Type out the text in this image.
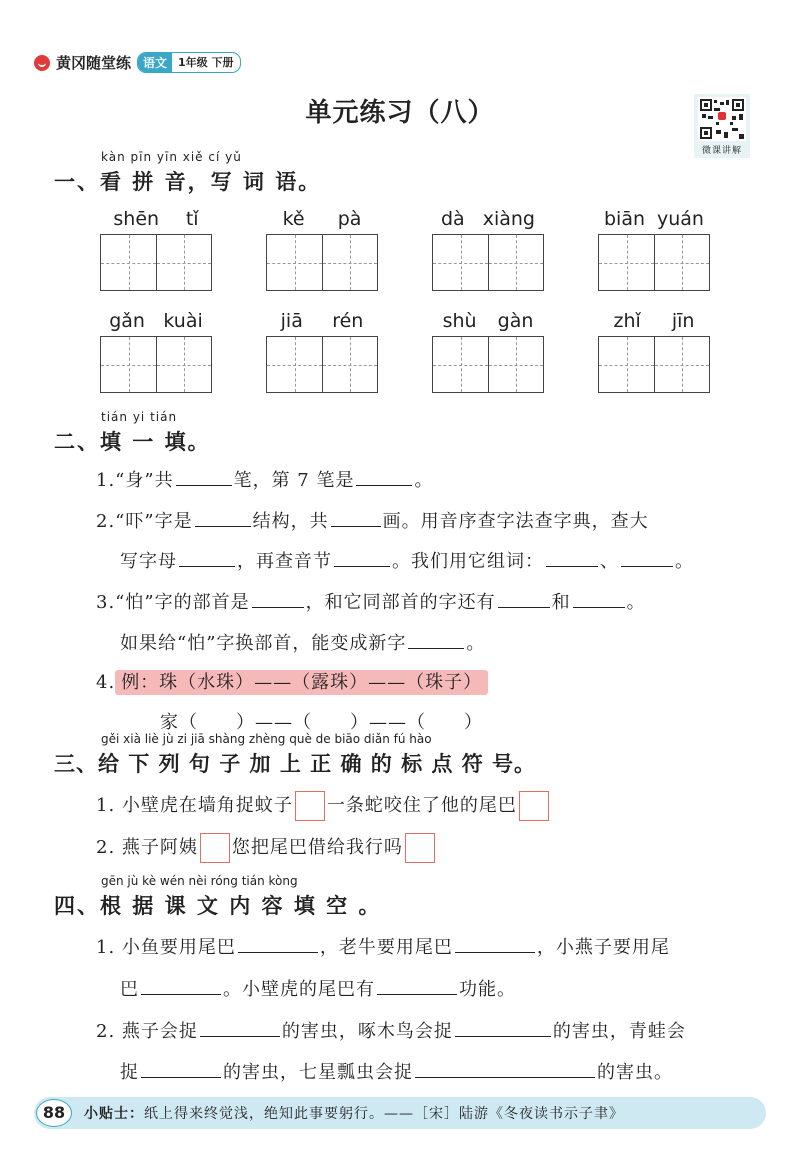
黄冈随堂练	语文	1年级 下册
单元练习（八）
微课讲解
kàn pīn yīn xiě cí yǔ
一、看 拼 音，写 词 语。
shēn tǐ	kě pà	dà xiàng	biān yuán
gǎn kuài	jiā rén	shù gàn	zhǐ jīn
tián yi tián
二、填 一 填。
1.“身”共	笔，第 7 笔是	。
2.“吓”字是	结构，共	画。用音序查字法查字典，查大
写字母	，再查音节	。我们用它组词：	、	。
3.“怕”字的部首是	，和它同部首的字还有	和	。
如果给“怕”字换部首，能变成新字	。
4. 例：珠（水珠）——（露珠）——（珠子）
家（　　）——（　　）——（　　）
gěi xià liè jù zi jiā shàng zhèng què de biāo diǎn fú hào
三、给 下 列 句 子 加 上 正 确 的 标 点 符 号。
1. 小壁虎在墙角捉蚊子 一条蛇咬住了他的尾巴
2. 燕子阿姨 您把尾巴借给我行吗
gēn jù kè wén nèi róng tián kòng
四、根 据 课 文 内 容 填 空 。
1. 小鱼要用尾巴	，老牛要用尾巴	，小燕子要用尾
巴	。小壁虎的尾巴有	功能。
2. 燕子会捉	的害虫，啄木鸟会捉	的害虫，青蛙会
捉	的害虫，七星瓢虫会捉	的害虫。
88	小贴士：纸上得来终觉浅，绝知此事要躬行。——［宋］陆游《冬夜读书示子聿》
